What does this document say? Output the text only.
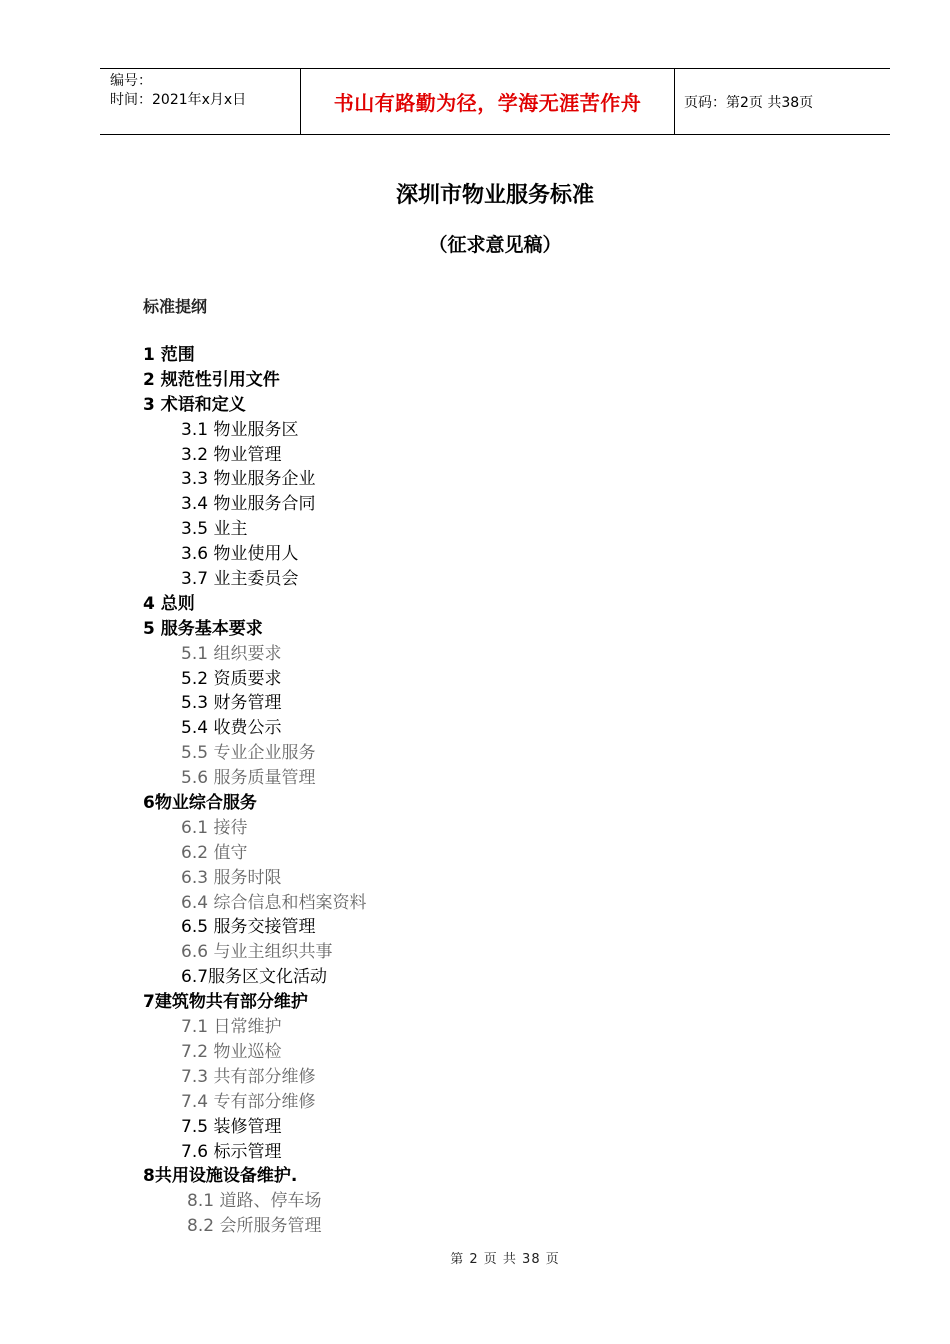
编号：
时间：2021年x月x日	书山有路勤为径，学海无涯苦作舟	页码：第2页 共38页
深圳市物业服务标准
（征求意见稿）
标准提纲
1 范围
2 规范性引用文件
3 术语和定义
3.1 物业服务区
3.2 物业管理
3.3 物业服务企业
3.4 物业服务合同
3.5 业主
3.6 物业使用人
3.7 业主委员会
4 总则
5 服务基本要求
5.1 组织要求
5.2 资质要求
5.3 财务管理
5.4 收费公示
5.5 专业企业服务
5.6 服务质量管理
6物业综合服务
6.1 接待
6.2 值守
6.3 服务时限
6.4 综合信息和档案资料
6.5 服务交接管理
6.6 与业主组织共事
6.7服务区文化活动
7建筑物共有部分维护
7.1 日常维护
7.2 物业巡检
7.3 共有部分维修
7.4 专有部分维修
7.5 装修管理
7.6 标示管理
8共用设施设备维护.
8.1 道路、停车场
8.2 会所服务管理
第 2 页 共 38 页
